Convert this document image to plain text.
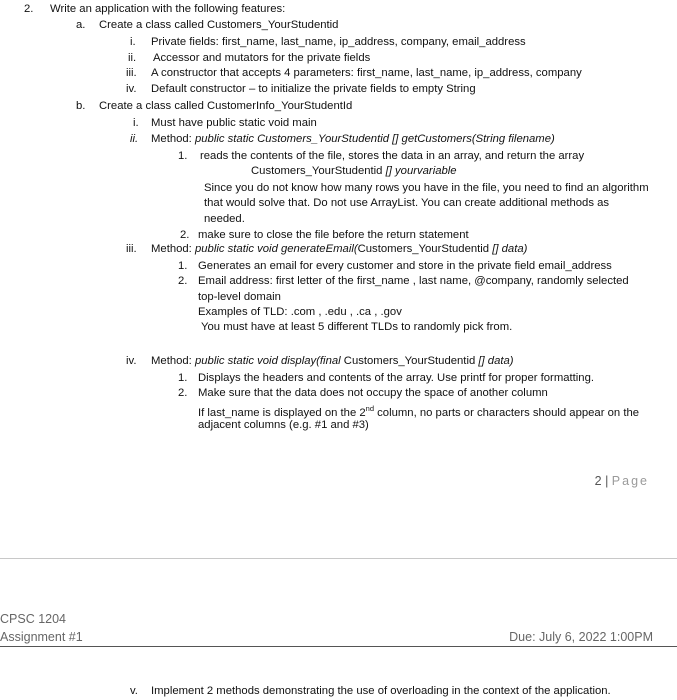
2. Write an application with the following features:
a. Create a class called Customers_YourStudentid
i. Private fields: first_name, last_name, ip_address, company, email_address
ii. Accessor and mutators for the private fields
iii. A constructor that accepts 4 parameters: first_name, last_name, ip_address, company
iv. Default constructor – to initialize the private fields to empty String
b. Create a class called CustomerInfo_YourStudentId
i. Must have public static void main
ii. Method: public static Customers_YourStudentid [] getCustomers(String filename)
1. reads the contents of the file, stores the data in an array, and return the array
Customers_YourStudentid [] yourvariable
Since you do not know how many rows you have in the file, you need to find an algorithm
that would solve that. Do not use ArrayList. You can create additional methods as
needed.
2. make sure to close the file before the return statement
iii. Method: public static void generateEmail(Customers_YourStudentid [] data)
1. Generates an email for every customer and store in the private field email_address
2. Email address: first letter of the first_name , last name, @company, randomly selected
top-level domain
Examples of TLD: .com , .edu , .ca , .gov
You must have at least 5 different TLDs to randomly pick from.
iv. Method: public static void display(final Customers_YourStudentid [] data)
1. Displays the headers and contents of the array. Use printf for proper formatting.
2. Make sure that the data does not occupy the space of another column
If last_name is displayed on the 2nd column, no parts or characters should appear on the
adjacent columns (e.g. #1 and #3)
2 | Page
CPSC 1204
Assignment #1	Due: July 6, 2022 1:00PM
v. Implement 2 methods demonstrating the use of overloading in the context of the application.
